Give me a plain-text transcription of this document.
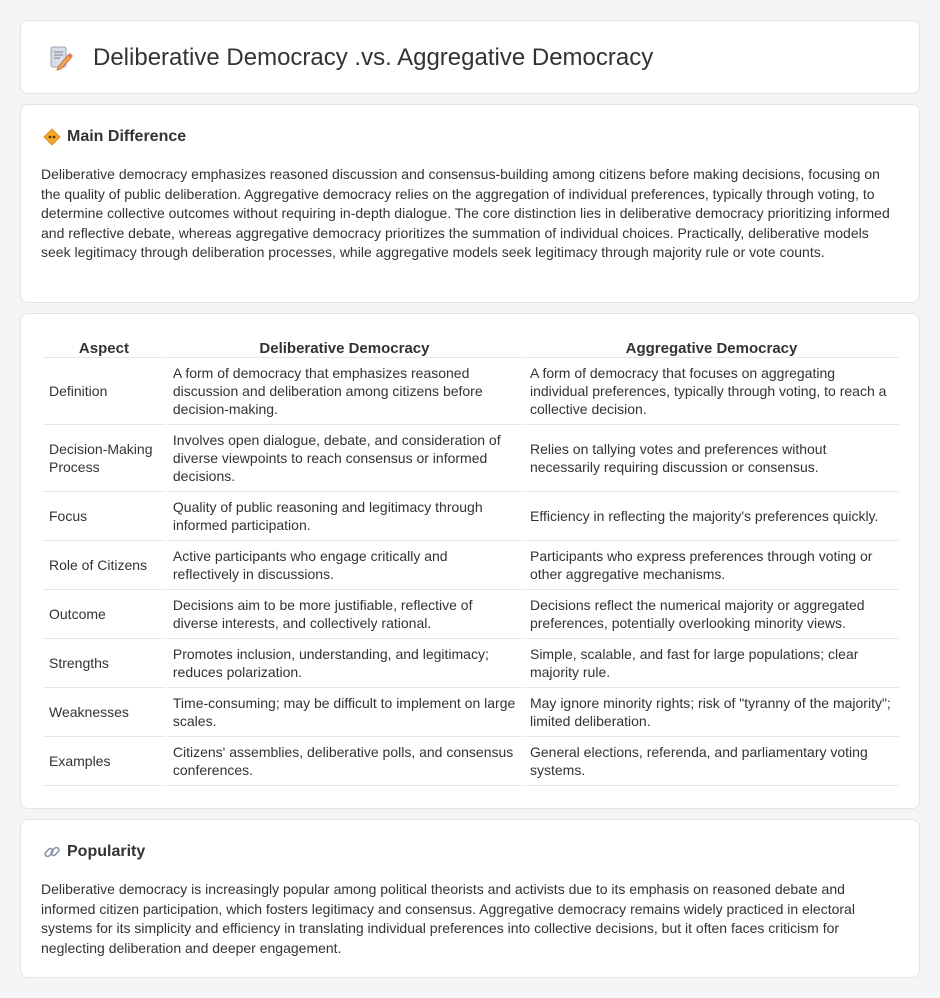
Deliberative Democracy .vs. Aggregative Democracy
Main Difference

Deliberative democracy emphasizes reasoned discussion and consensus-building among citizens before making decisions, focusing on the quality of public deliberation. Aggregative democracy relies on the aggregation of individual preferences, typically through voting, to determine collective outcomes without requiring in-depth dialogue. The core distinction lies in deliberative democracy prioritizing informed and reflective debate, whereas aggregative democracy prioritizes the summation of individual choices. Practically, deliberative models seek legitimacy through deliberation processes, while aggregative models seek legitimacy through majority rule or vote counts.

Aspect	Deliberative Democracy	Aggregative Democracy
Definition	A form of democracy that emphasizes reasoned discussion and deliberation among citizens before decision-making.	A form of democracy that focuses on aggregating individual preferences, typically through voting, to reach a collective decision.
Decision-Making Process	Involves open dialogue, debate, and consideration of diverse viewpoints to reach consensus or informed decisions.	Relies on tallying votes and preferences without necessarily requiring discussion or consensus.
Focus	Quality of public reasoning and legitimacy through informed participation.	Efficiency in reflecting the majority's preferences quickly.
Role of Citizens	Active participants who engage critically and reflectively in discussions.	Participants who express preferences through voting or other aggregative mechanisms.
Outcome	Decisions aim to be more justifiable, reflective of diverse interests, and collectively rational.	Decisions reflect the numerical majority or aggregated preferences, potentially overlooking minority views.
Strengths	Promotes inclusion, understanding, and legitimacy; reduces polarization.	Simple, scalable, and fast for large populations; clear majority rule.
Weaknesses	Time-consuming; may be difficult to implement on large scales.	May ignore minority rights; risk of "tyranny of the majority"; limited deliberation.
Examples	Citizens' assemblies, deliberative polls, and consensus conferences.	General elections, referenda, and parliamentary voting systems.
Popularity

Deliberative democracy is increasingly popular among political theorists and activists due to its emphasis on reasoned debate and informed citizen participation, which fosters legitimacy and consensus. Aggregative democracy remains widely practiced in electoral systems for its simplicity and efficiency in translating individual preferences into collective decisions, but it often faces criticism for neglecting deliberation and deeper engagement.
